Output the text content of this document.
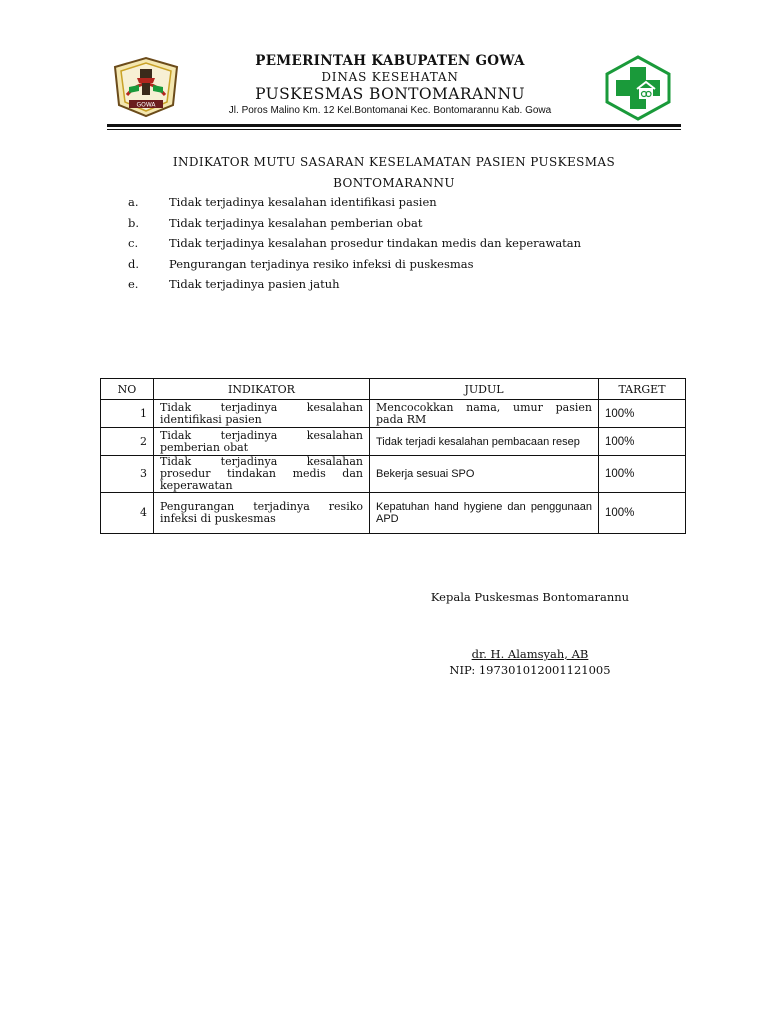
GOWA
PEMERINTAH KABUPATEN GOWA
DINAS KESEHATAN
PUSKESMAS BONTOMARANNU
Jl. Poros Malino Km. 12 Kel.Bontomanai Kec. Bontomarannu Kab. Gowa
INDIKATOR MUTU SASARAN KESELAMATAN PASIEN PUSKESMAS
BONTOMARANNU
a.	Tidak terjadinya kesalahan identifikasi pasien
b.	Tidak terjadinya kesalahan pemberian obat
c.	Tidak terjadinya kesalahan prosedur tindakan medis dan keperawatan
d.	Pengurangan terjadinya resiko infeksi di puskesmas
e.	Tidak terjadinya pasien jatuh
NO	INDIKATOR	JUDUL	TARGET
1	Tidak terjadinya kesalahan identifikasi pasien	Mencocokkan nama, umur pasien pada RM	100%
2	Tidak terjadinya kesalahan pemberian obat	Tidak terjadi kesalahan pembacaan resep	100%
3	Tidak terjadinya kesalahan prosedur tindakan medis dan keperawatan	Bekerja sesuai SPO	100%
4	Pengurangan terjadinya resiko infeksi di puskesmas	Kepatuhan hand hygiene dan penggunaan APD	100%
Kepala Puskesmas Bontomarannu
dr. H. Alamsyah, AB
NIP: 197301012001121005
